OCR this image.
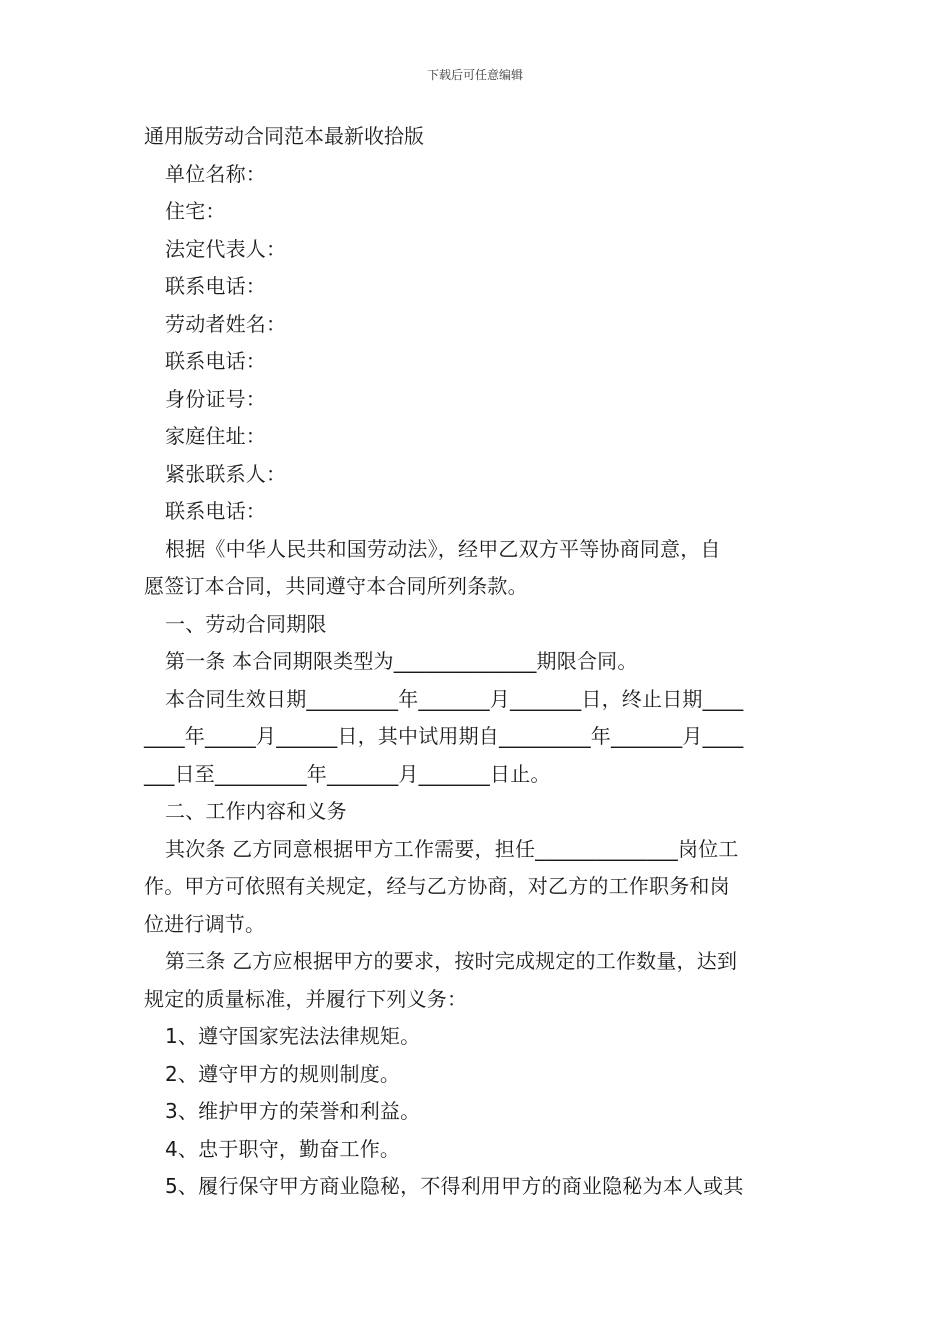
下载后可任意编辑
通用版劳动合同范本最新收拾版
单位名称：
住宅：
法定代表人：
联系电话：
劳动者姓名：
联系电话：
身份证号：
家庭住址：
紧张联系人：
联系电话：
根据《中华人民共和国劳动法》，经甲乙双方平等协商同意，自
愿签订本合同，共同遵守本合同所列条款。
一、劳动合同期限
第一条 本合同期限类型为______________期限合同。
本合同生效日期_________年_______月_______日，终止日期____
____年_____月______日，其中试用期自_________年_______月____
___日至_________年_______月_______日止。
二、工作内容和义务
其次条 乙方同意根据甲方工作需要，担任______________岗位工
作。甲方可依照有关规定，经与乙方协商，对乙方的工作职务和岗
位进行调节。
第三条 乙方应根据甲方的要求，按时完成规定的工作数量，达到
规定的质量标准，并履行下列义务：
1、遵守国家宪法法律规矩。
2、遵守甲方的规则制度。
3、维护甲方的荣誉和利益。
4、忠于职守，勤奋工作。
5、履行保守甲方商业隐秘，不得利用甲方的商业隐秘为本人或其
